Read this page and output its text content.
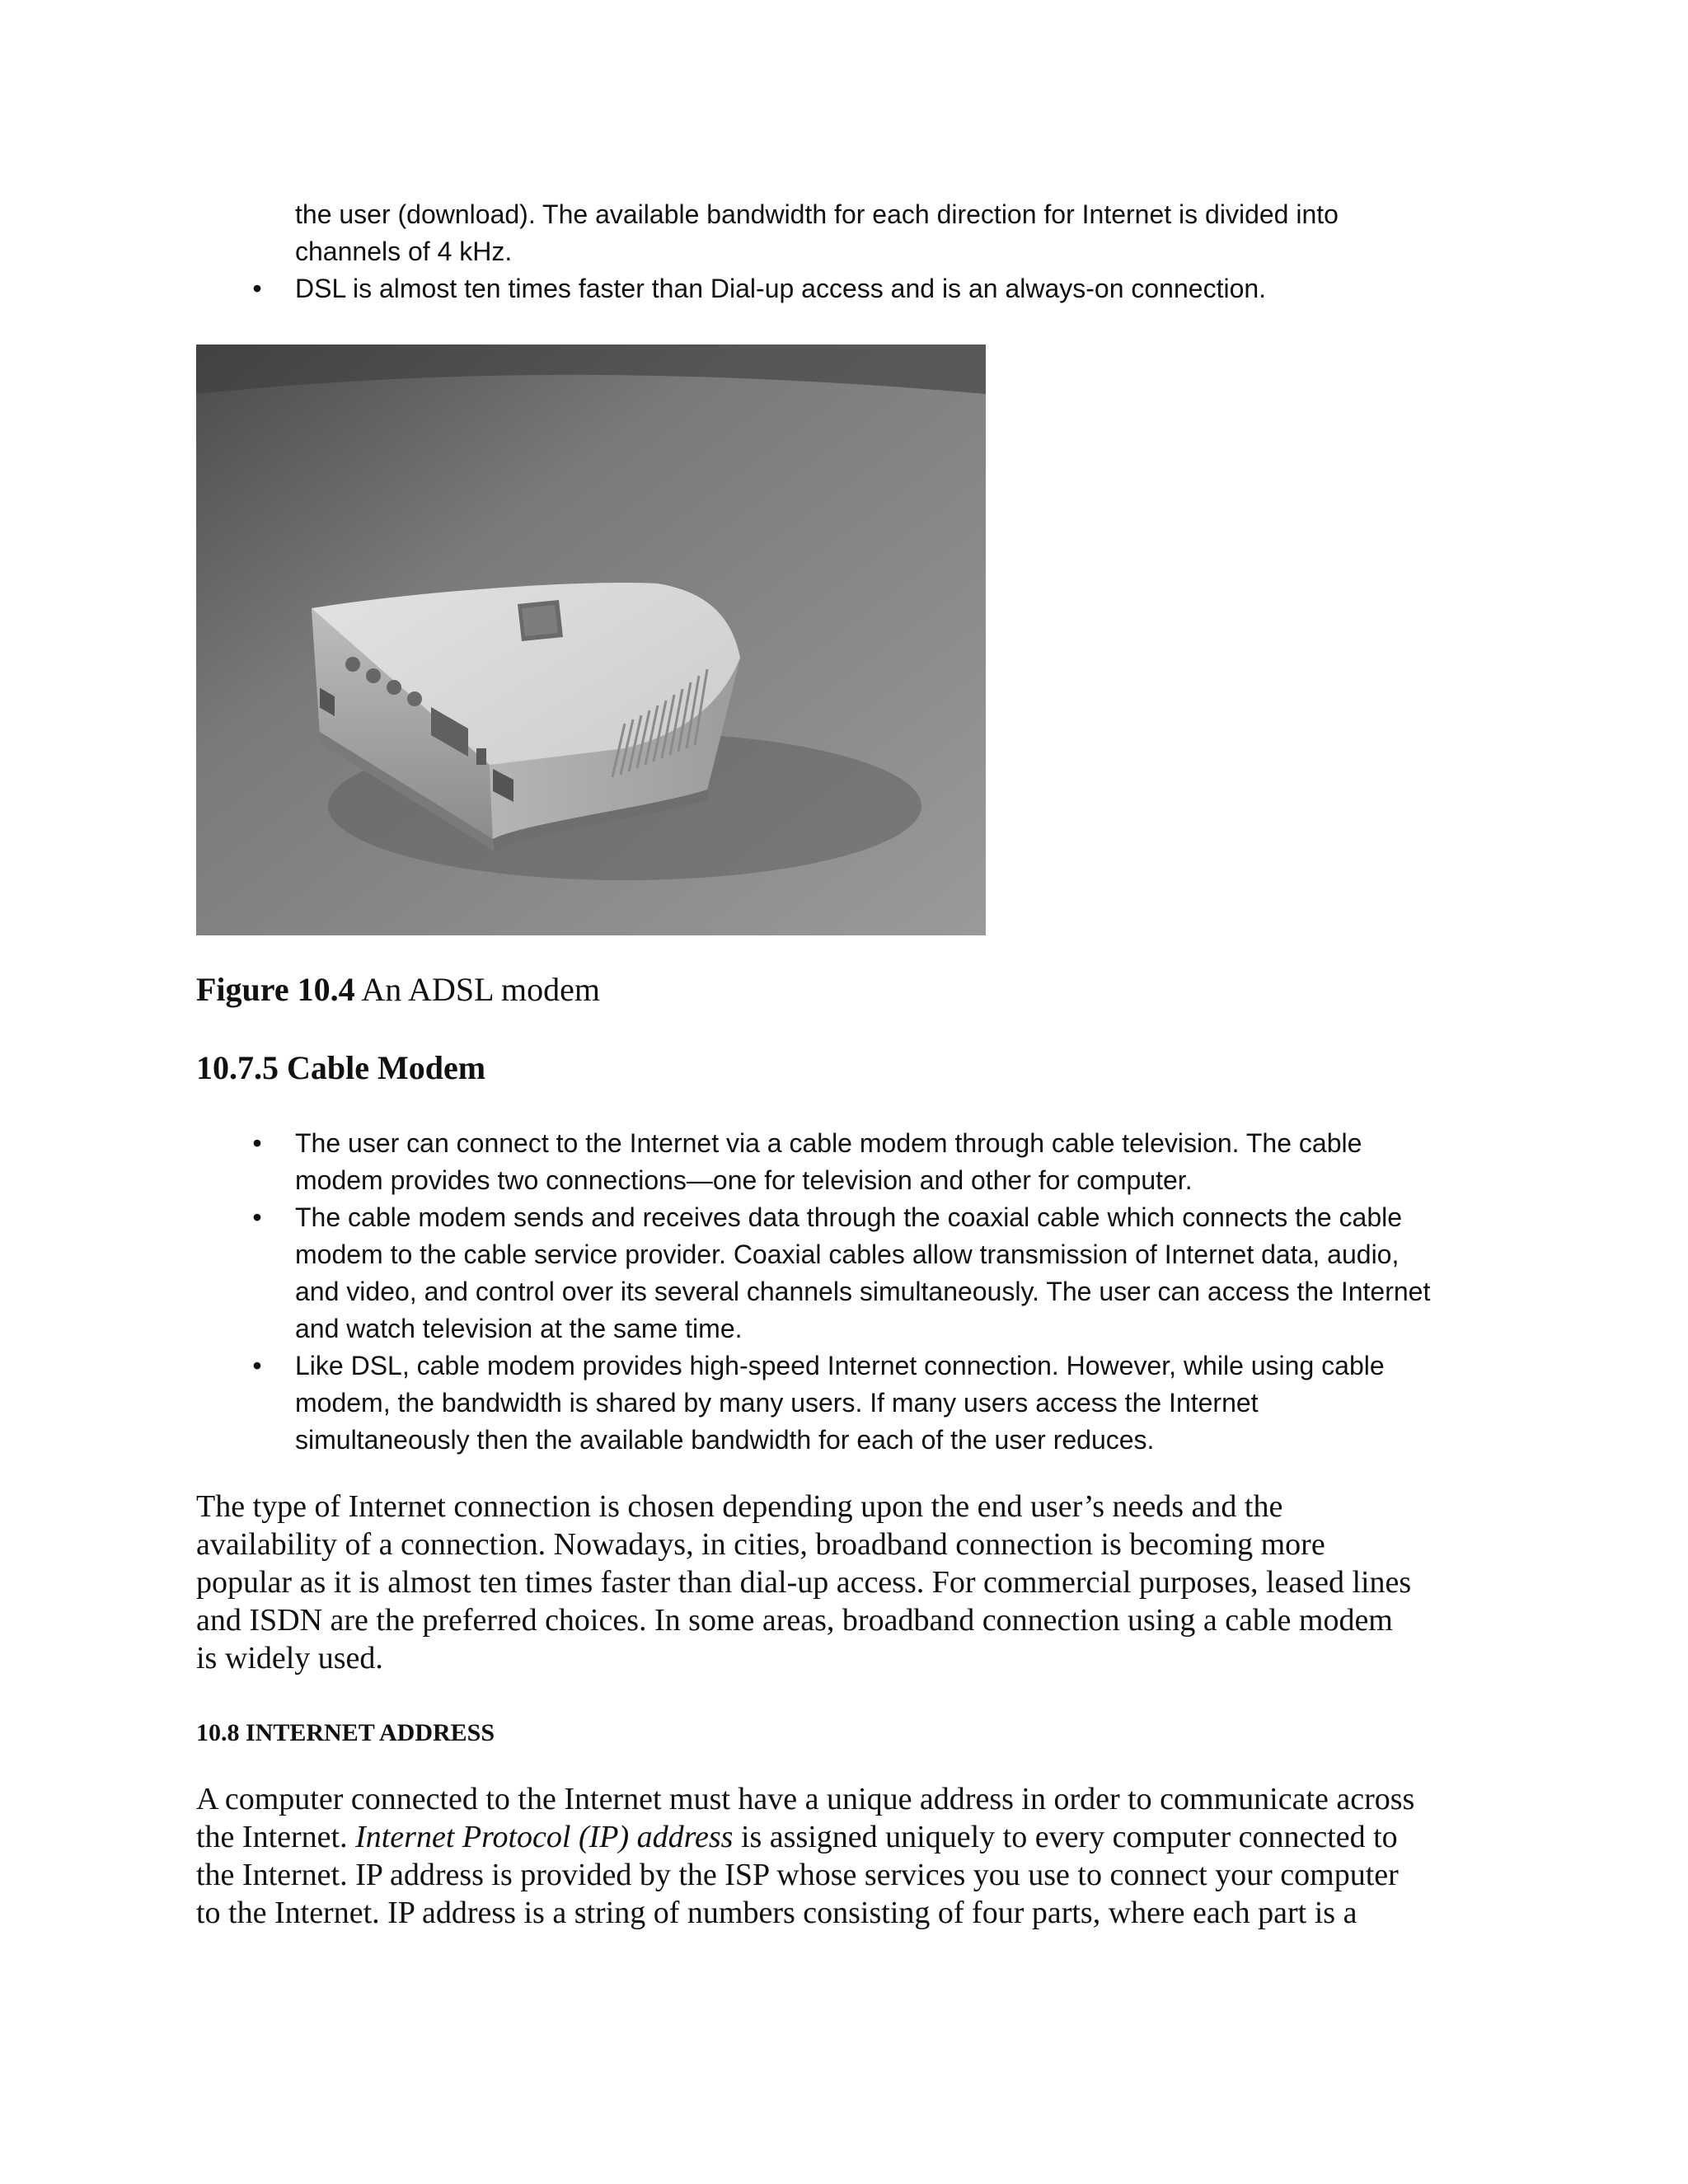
the user (download). The available bandwidth for each direction for Internet is divided into
channels of 4 kHz.
• DSL is almost ten times faster than Dial-up access and is an always-on connection.

Figure 10.4 An ADSL modem

10.7.5 Cable Modem
• The user can connect to the Internet via a cable modem through cable television. The cable
modem provides two connections—one for television and other for computer.
• The cable modem sends and receives data through the coaxial cable which connects the cable
modem to the cable service provider. Coaxial cables allow transmission of Internet data, audio,
and video, and control over its several channels simultaneously. The user can access the Internet
and watch television at the same time.
• Like DSL, cable modem provides high-speed Internet connection. However, while using cable
modem, the bandwidth is shared by many users. If many users access the Internet
simultaneously then the available bandwidth for each of the user reduces.

The type of Internet connection is chosen depending upon the end user’s needs and the
availability of a connection. Nowadays, in cities, broadband connection is becoming more
popular as it is almost ten times faster than dial-up access. For commercial purposes, leased lines
and ISDN are the preferred choices. In some areas, broadband connection using a cable modem
is widely used.

10.8 INTERNET ADDRESS

A computer connected to the Internet must have a unique address in order to communicate across
the Internet. Internet Protocol (IP) address is assigned uniquely to every computer connected to
the Internet. IP address is provided by the ISP whose services you use to connect your computer
to the Internet. IP address is a string of numbers consisting of four parts, where each part is a
